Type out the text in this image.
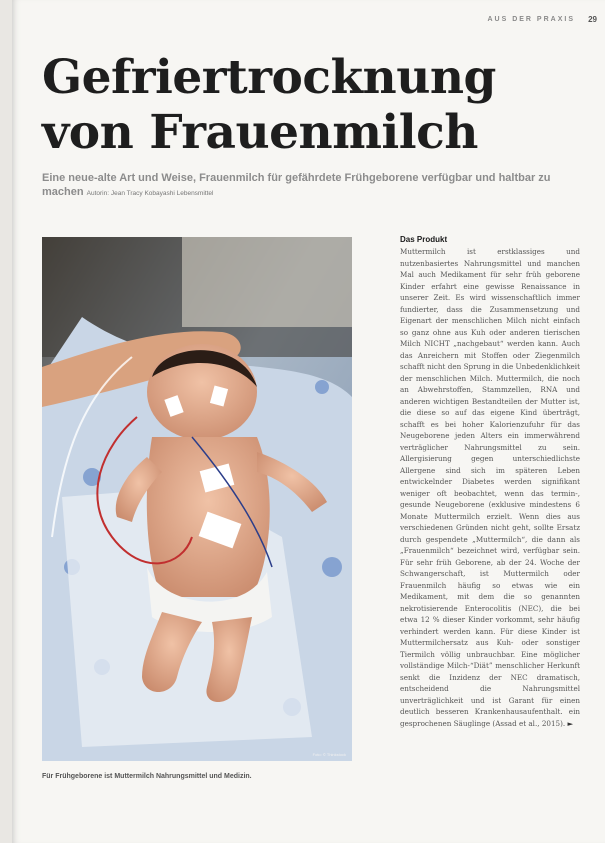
AUS DER PRAXIS 29
Gefriertrocknung von Frauenmilch
Eine neue-alte Art und Weise, Frauenmilch für gefährdete Frühgeborene verfügbar und haltbar zu machen Autorin: Jean Tracy Kobayashi Lebensmittel
Foto: © Thinkstock
Für Frühgeborene ist Muttermilch Nahrungsmittel und Medizin.
Das Produkt

Muttermilch ist erstklassiges und nutzenbasiertes Nahrungsmittel und manchen Mal auch Medikament für sehr früh geborene Kinder erfahrt eine gewisse Renaissance in unserer Zeit. Es wird wissenschaftlich immer fundierter, dass die Zusammensetzung und Eigenart der menschlichen Milch nicht einfach so ganz ohne aus Kuh oder anderen tierischen Milch NICHT „nachgebaut“ werden kann. Auch das Anreichern mit Stoffen oder Ziegenmilch schafft nicht den Sprung in die Unbedenklichkeit der menschlichen Milch. Muttermilch, die noch an Abwehrstoffen, Stammzellen, RNA und anderen wichtigen Bestandteilen der Mutter ist, die diese so auf das eigene Kind überträgt, schafft es bei hoher Kalorienzufuhr für das Neugeborene jeden Alters ein immerwährend verträglicher Nahrungsmittel zu sein. Allergisierung gegen unterschiedlichste Allergene sind sich im späteren Leben entwickelnder Diabetes werden signifikant weniger oft beobachtet, wenn das termin-, gesunde Neugeborene (exklusive mindestens 6 Monate Muttermilch erzielt. Wenn dies aus verschiedenen Gründen nicht geht, sollte Ersatz durch gespendete „Muttermilch“, die dann als „Frauenmilch“ bezeichnet wird, verfügbar sein. Für sehr früh Geborene, ab der 24. Woche der Schwangerschaft, ist Muttermilch oder Frauenmilch häufig so etwas wie ein Medikament, mit dem die so genannten nekrotisierende Enterocolitis (NEC), die bei etwa 12 % dieser Kinder vorkommt, sehr häufig verhindert werden kann. Für diese Kinder ist Muttermilchersatz aus Kuh- oder sonstiger Tiermilch völlig unbrauchbar. Eine möglicher vollständige Milch-“Diät” menschlicher Herkunft senkt die Inzidenz der NEC dramatisch, entscheidend die Nahrungsmittel unverträglichkeit und ist Garant für einen deutlich besseren Krankenhausaufenthalt. ein gesprochenen Säuglinge (Assad et al., 2015). ►
